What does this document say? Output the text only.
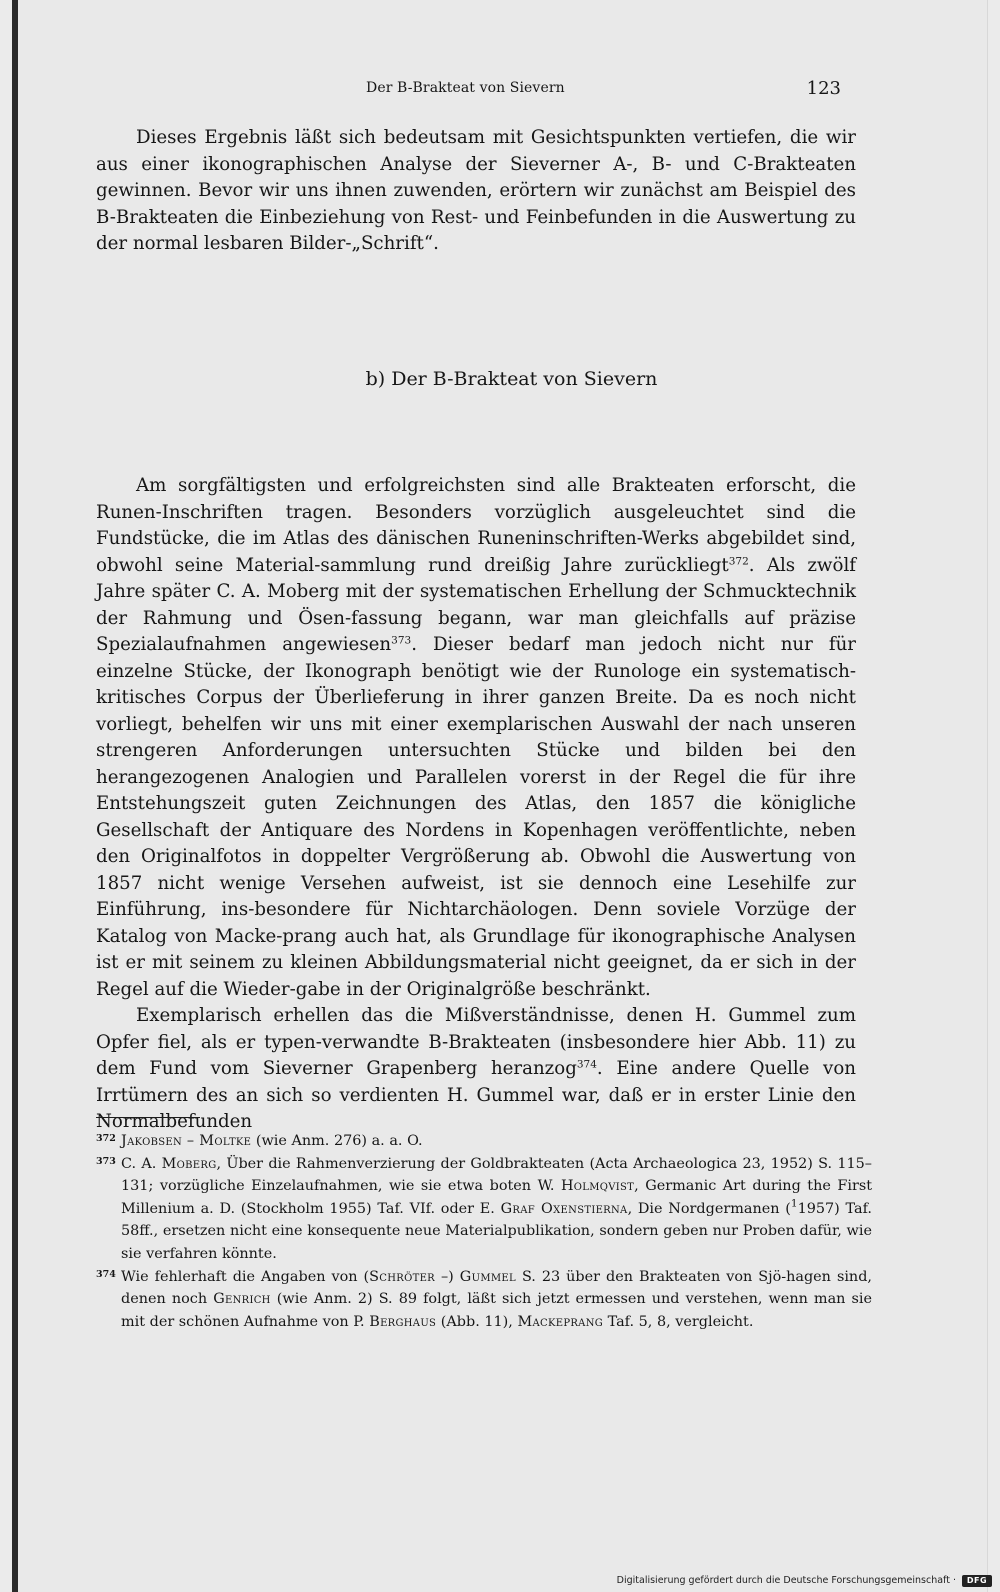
Der B-Brakteat von Sievern	123

Dieses Ergebnis läßt sich bedeutsam mit Gesichtspunkten vertiefen, die wir aus einer ikonographischen Analyse der Sieverner A-, B- und C-Brakteaten gewinnen. Bevor wir uns ihnen zuwenden, erörtern wir zunächst am Beispiel des B-Brakteaten die Einbeziehung von Rest- und Feinbefunden in die Auswertung zu der normal lesbaren Bilder-„Schrift“.

b) Der B-Brakteat von Sievern

Am sorgfältigsten und erfolgreichsten sind alle Brakteaten erforscht, die Runen-Inschriften tragen. Besonders vorzüglich ausgeleuchtet sind die Fundstücke, die im Atlas des dänischen Runeninschriften-Werks abgebildet sind, obwohl seine Material-sammlung rund dreißig Jahre zurückliegt$^{372}$. Als zwölf Jahre später C. A. Moberg mit der systematischen Erhellung der Schmucktechnik der Rahmung und Ösen-fassung begann, war man gleichfalls auf präzise Spezialaufnahmen angewiesen$^{373}$. Dieser bedarf man jedoch nicht nur für einzelne Stücke, der Ikonograph benötigt wie der Runologe ein systematisch-kritisches Corpus der Überlieferung in ihrer ganzen Breite. Da es noch nicht vorliegt, behelfen wir uns mit einer exemplarischen Auswahl der nach unseren strengeren Anforderungen untersuchten Stücke und bilden bei den herangezogenen Analogien und Parallelen vorerst in der Regel die für ihre Entstehungszeit guten Zeichnungen des Atlas, den 1857 die königliche Gesellschaft der Antiquare des Nordens in Kopenhagen veröffentlichte, neben den Originalfotos in doppelter Vergrößerung ab. Obwohl die Auswertung von 1857 nicht wenige Versehen aufweist, ist sie dennoch eine Lesehilfe zur Einführung, ins-besondere für Nichtarchäologen. Denn soviele Vorzüge der Katalog von Macke-prang auch hat, als Grundlage für ikonographische Analysen ist er mit seinem zu kleinen Abbildungsmaterial nicht geeignet, da er sich in der Regel auf die Wieder-gabe in der Originalgröße beschränkt.

Exemplarisch erhellen das die Mißverständnisse, denen H. Gummel zum Opfer fiel, als er typen-verwandte B-Brakteaten (insbesondere hier Abb. 11) zu dem Fund vom Sieverner Grapenberg heranzog$^{374}$. Eine andere Quelle von Irrtümern des an sich so verdienten H. Gummel war, daß er in erster Linie den Normalbefunden

372 Jakobsen – Moltke (wie Anm. 276) a. a. O.
373 C. A. Moberg, Über die Rahmenverzierung der Goldbrakteaten (Acta Archaeologica 23, 1952) S. 115–131; vorzügliche Einzelaufnahmen, wie sie etwa boten W. Holmqvist, Germanic Art during the First Millenium a. D. (Stockholm 1955) Taf. VIf. oder E. Graf Oxenstierna, Die Nordgermanen ($^1$1957) Taf. 58ff., ersetzen nicht eine konsequente neue Materialpublikation, sondern geben nur Proben dafür, wie sie verfahren könnte.
374 Wie fehlerhaft die Angaben von (Schröter –) Gummel S. 23 über den Brakteaten von Sjö-hagen sind, denen noch Genrich (wie Anm. 2) S. 89 folgt, läßt sich jetzt ermessen und verstehen, wenn man sie mit der schönen Aufnahme von P. Berghaus (Abb. 11), Mackeprang Taf. 5, 8, vergleicht.
Digitalisierung gefördert durch die Deutsche Forschungsgemeinschaft ·	DFG
